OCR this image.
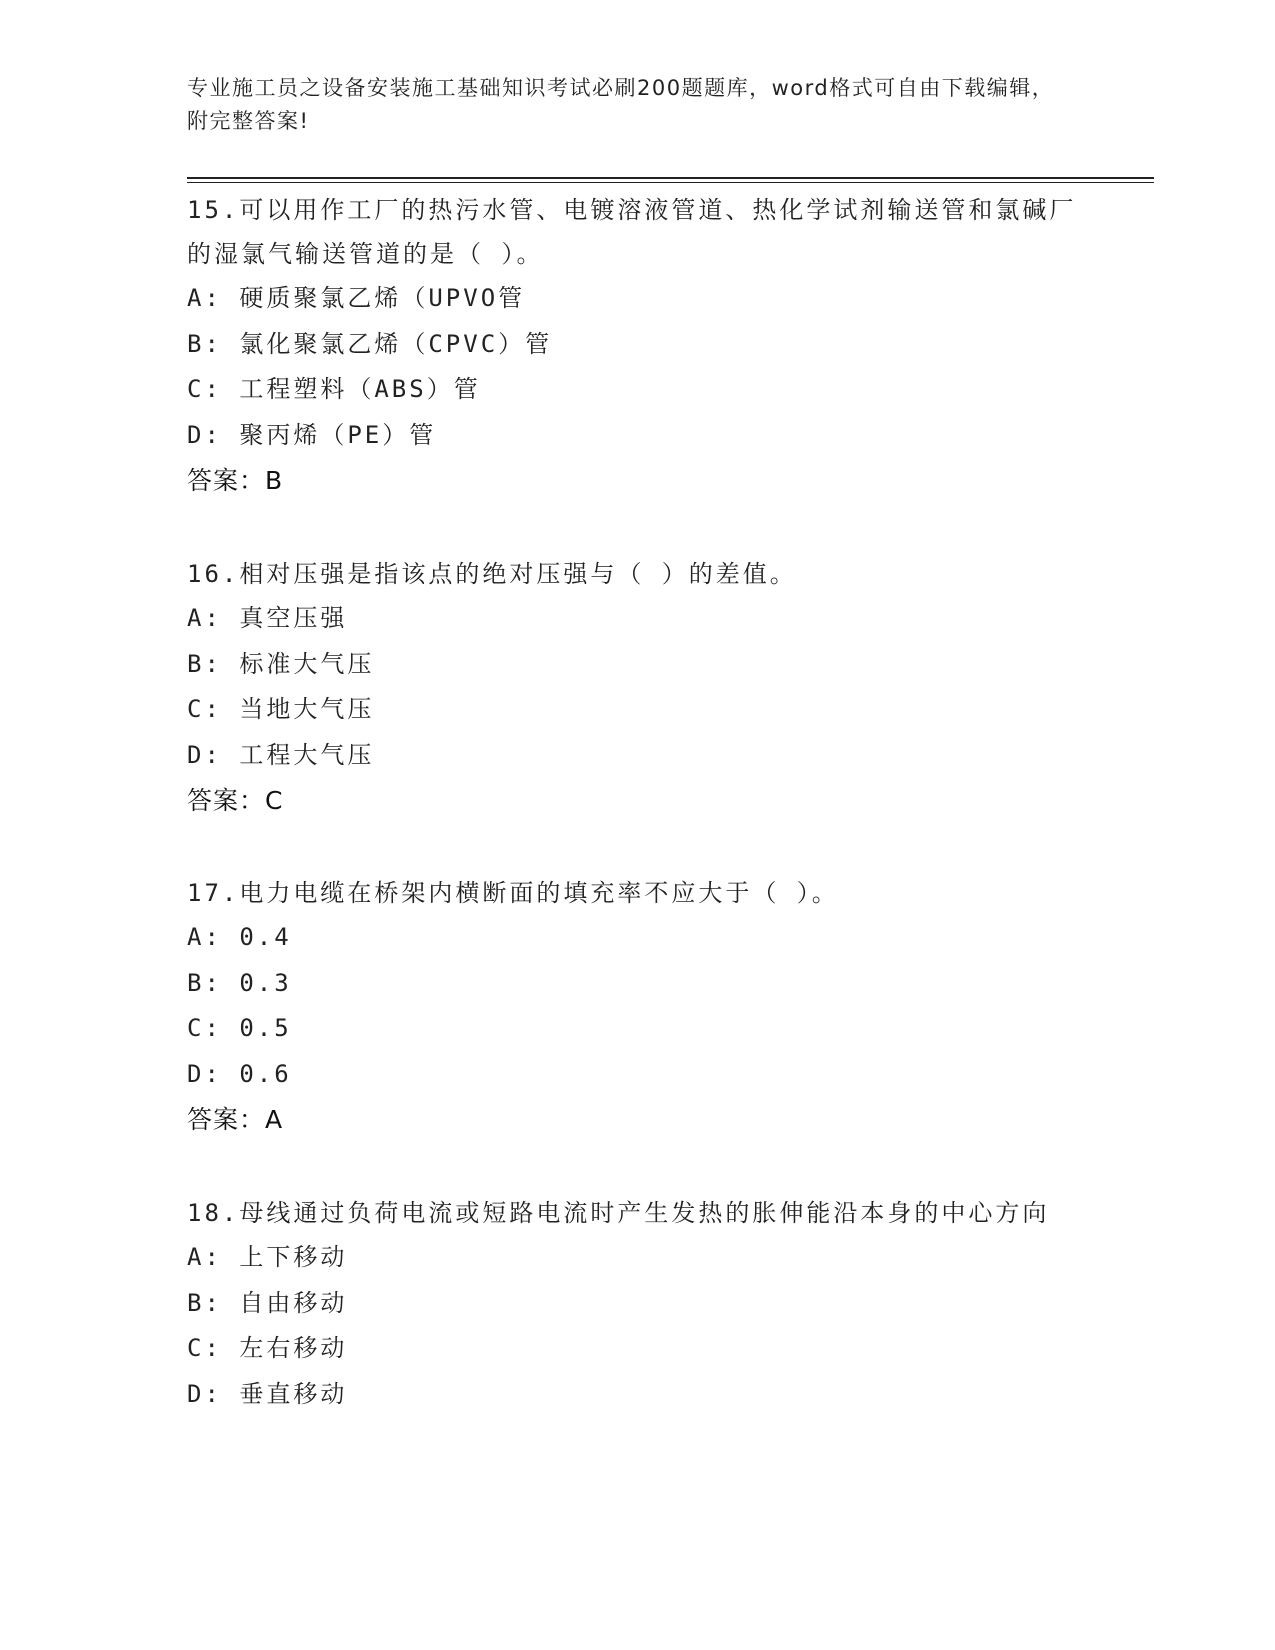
专业施工员之设备安装施工基础知识考试必刷200题题库，word格式可自由下载编辑，附完整答案!
15.可以用作工厂的热污水管、电镀溶液管道、热化学试剂输送管和氯碱厂的湿氯气输送管道的是（ ）。
A: 硬质聚氯乙烯（UPVO管
B: 氯化聚氯乙烯（CPVC）管
C: 工程塑料（ABS）管
D: 聚丙烯（PE）管
答案：B
16.相对压强是指该点的绝对压强与（ ）的差值。
A: 真空压强
B: 标准大气压
C: 当地大气压
D: 工程大气压
答案：C
17.电力电缆在桥架内横断面的填充率不应大于（ ）。
A: 0.4
B: 0.3
C: 0.5
D: 0.6
答案：A
18.母线通过负荷电流或短路电流时产生发热的胀伸能沿本身的中心方向
A: 上下移动
B: 自由移动
C: 左右移动
D: 垂直移动
